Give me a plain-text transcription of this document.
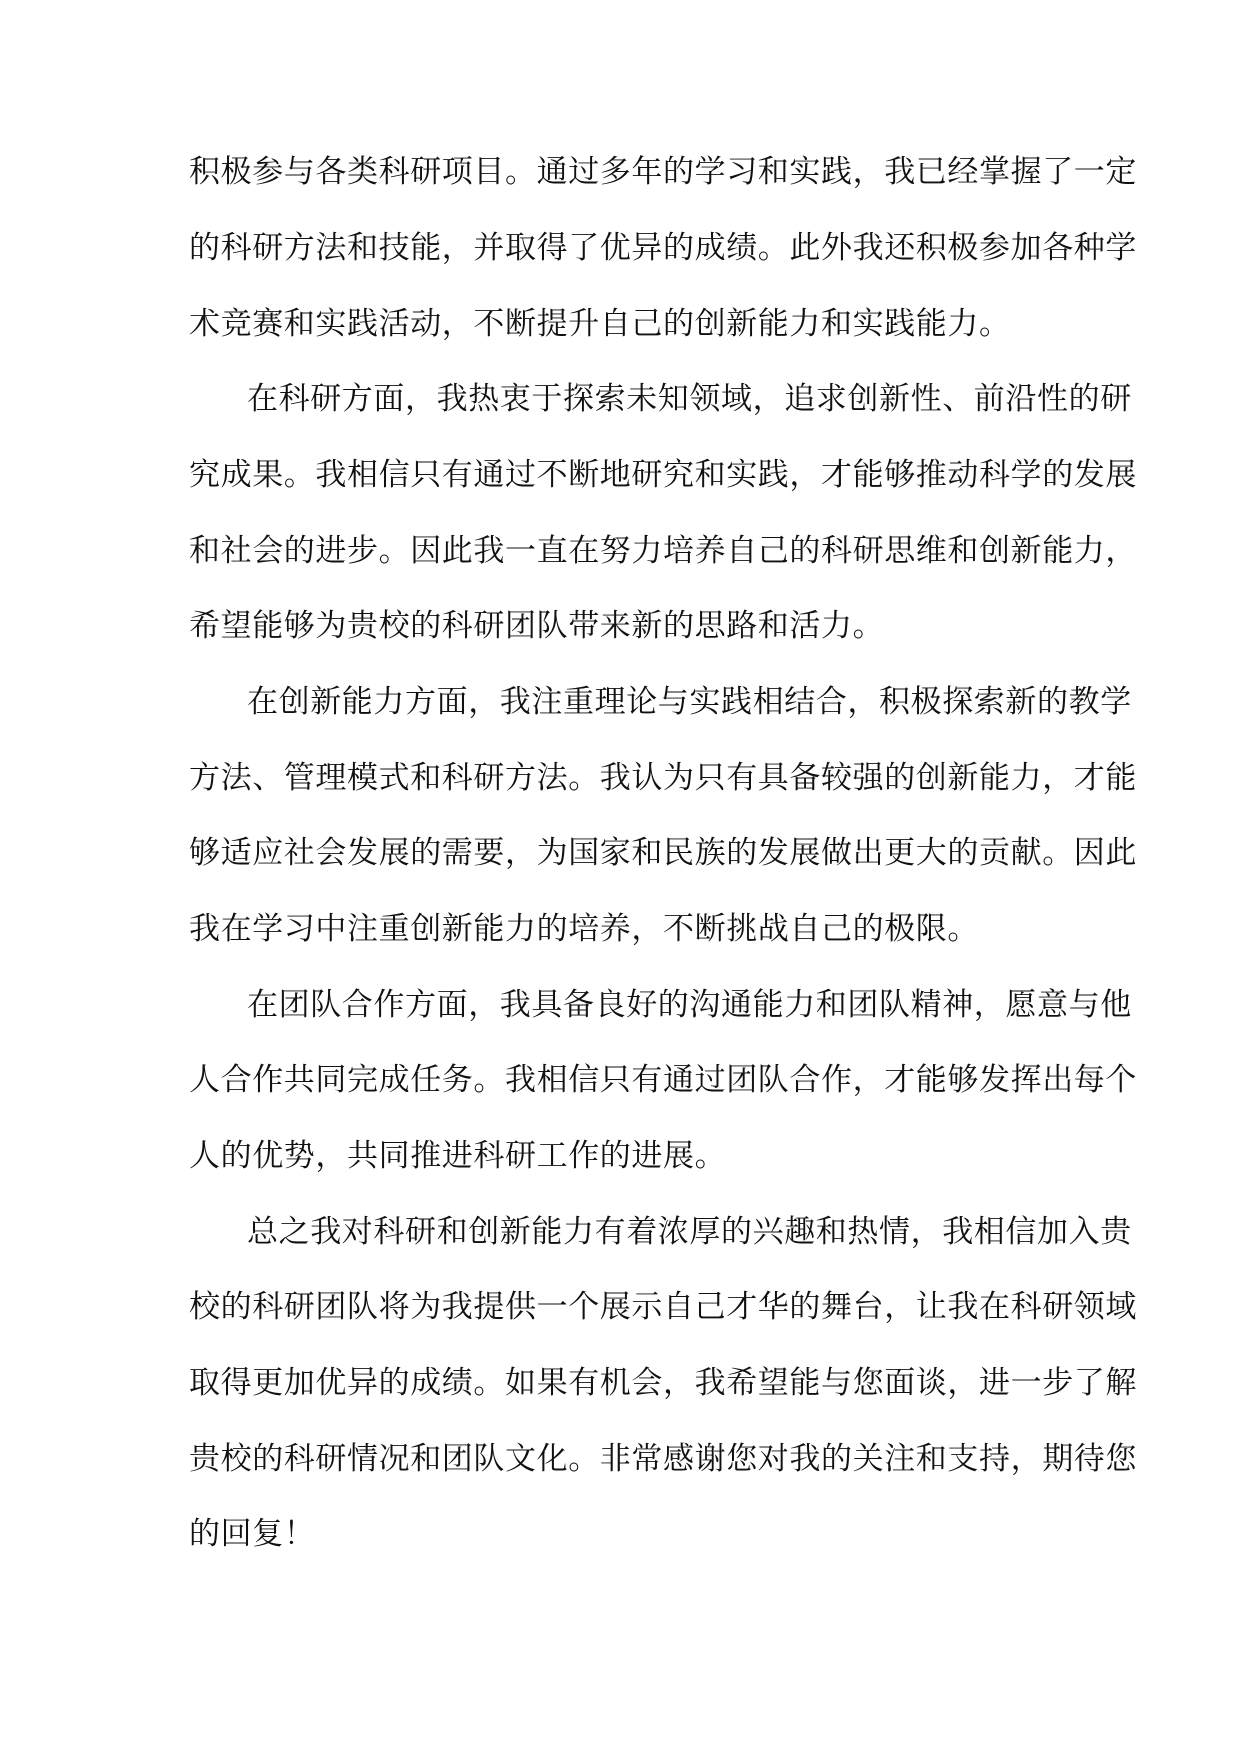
积极参与各类科研项目。通过多年的学习和实践，我已经掌握了一定
的科研方法和技能，并取得了优异的成绩。此外我还积极参加各种学
术竞赛和实践活动，不断提升自己的创新能力和实践能力。
在科研方面，我热衷于探索未知领域，追求创新性、前沿性的研
究成果。我相信只有通过不断地研究和实践，才能够推动科学的发展
和社会的进步。因此我一直在努力培养自己的科研思维和创新能力，
希望能够为贵校的科研团队带来新的思路和活力。
在创新能力方面，我注重理论与实践相结合，积极探索新的教学
方法、管理模式和科研方法。我认为只有具备较强的创新能力，才能
够适应社会发展的需要，为国家和民族的发展做出更大的贡献。因此
我在学习中注重创新能力的培养，不断挑战自己的极限。
在团队合作方面，我具备良好的沟通能力和团队精神，愿意与他
人合作共同完成任务。我相信只有通过团队合作，才能够发挥出每个
人的优势，共同推进科研工作的进展。
总之我对科研和创新能力有着浓厚的兴趣和热情，我相信加入贵
校的科研团队将为我提供一个展示自己才华的舞台，让我在科研领域
取得更加优异的成绩。如果有机会，我希望能与您面谈，进一步了解
贵校的科研情况和团队文化。非常感谢您对我的关注和支持，期待您
的回复！
